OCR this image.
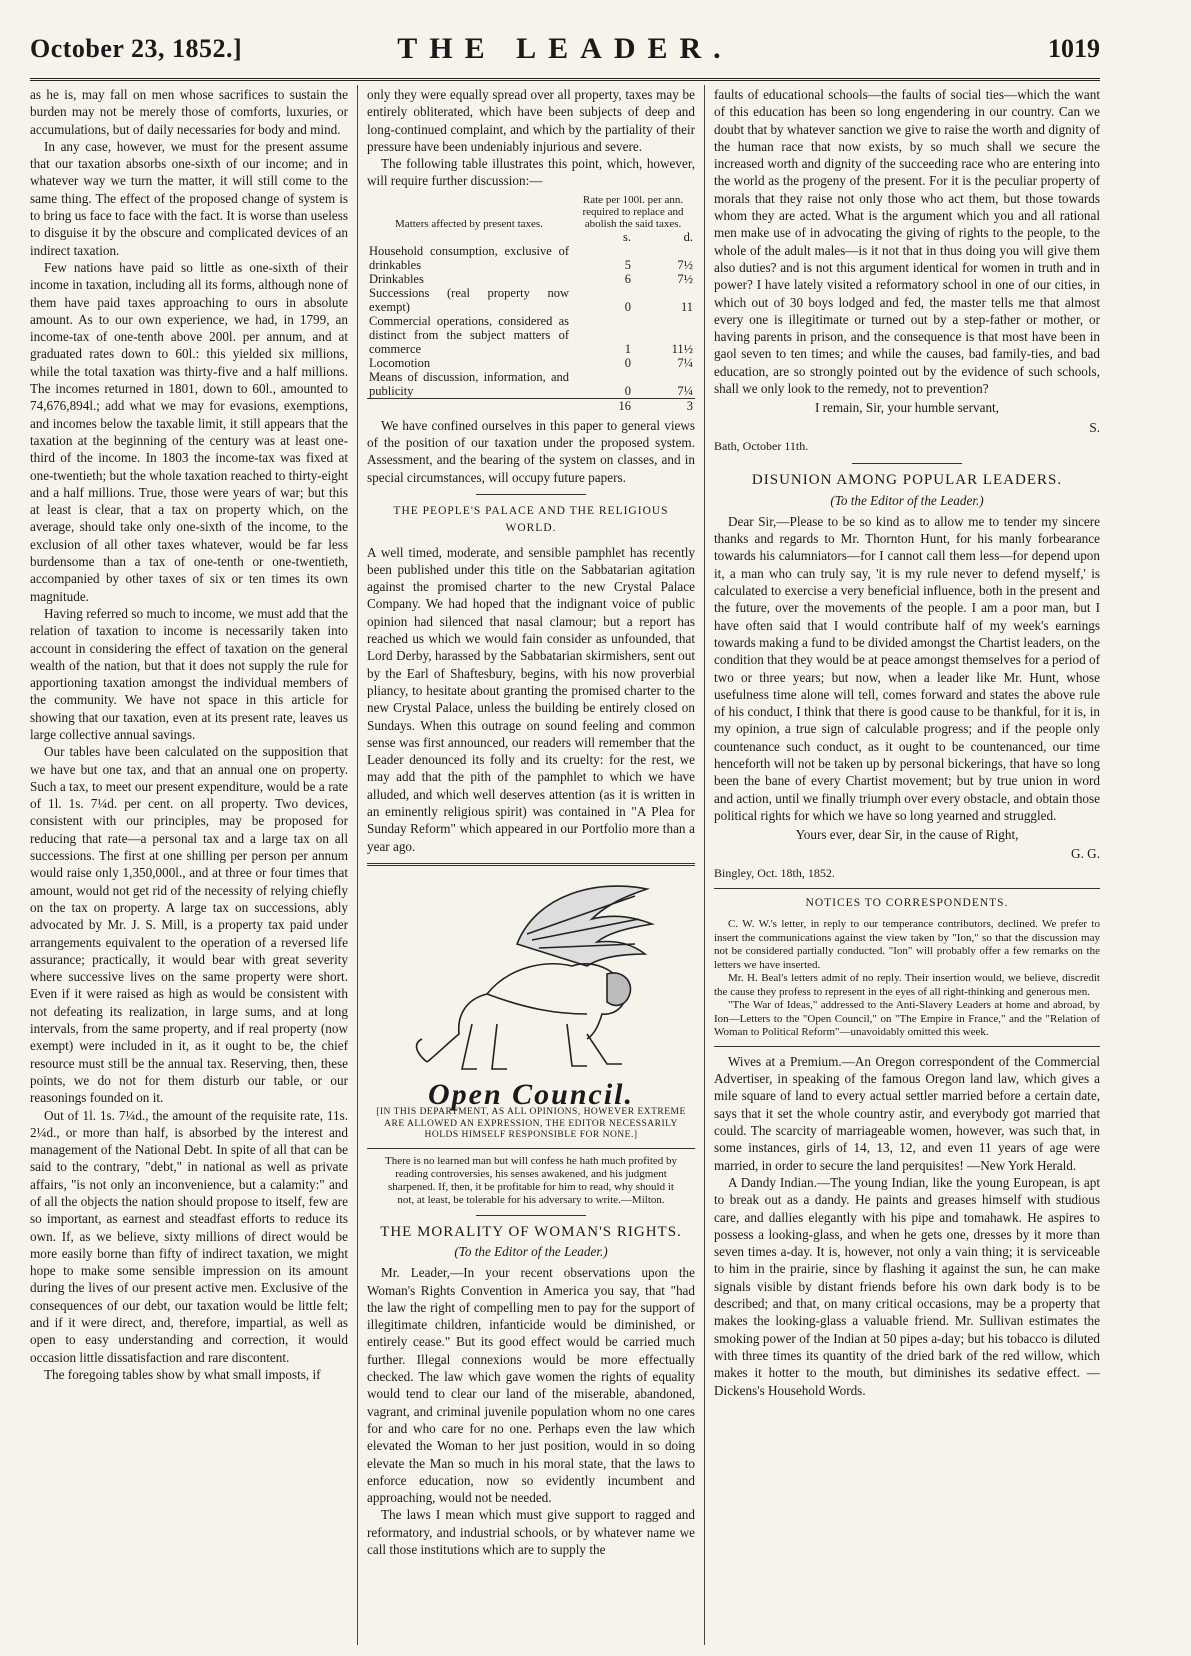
October 23, 1852.]	THE LEADER.	1019

as he is, may fall on men whose sacrifices to sustain the burden may not be merely those of comforts, luxuries, or accumulations, but of daily necessaries for body and mind.

In any case, however, we must for the present assume that our taxation absorbs one-sixth of our income; and in whatever way we turn the matter, it will still come to the same thing. The effect of the proposed change of system is to bring us face to face with the fact. It is worse than useless to disguise it by the obscure and complicated devices of an indirect taxation.

Few nations have paid so little as one-sixth of their income in taxation, including all its forms, although none of them have paid taxes approaching to ours in absolute amount. As to our own experience, we had, in 1799, an income-tax of one-tenth above 200l. per annum, and at graduated rates down to 60l.: this yielded six millions, while the total taxation was thirty-five and a half millions. The incomes returned in 1801, down to 60l., amounted to 74,676,894l.; add what we may for evasions, exemptions, and incomes below the taxable limit, it still appears that the taxation at the beginning of the century was at least one-third of the income. In 1803 the income-tax was fixed at one-twentieth; but the whole taxation reached to thirty-eight and a half millions. True, those were years of war; but this at least is clear, that a tax on property which, on the average, should take only one-sixth of the income, to the exclusion of all other taxes whatever, would be far less burdensome than a tax of one-tenth or one-twentieth, accompanied by other taxes of six or ten times its own magnitude.

Having referred so much to income, we must add that the relation of taxation to income is necessarily taken into account in considering the effect of taxation on the general wealth of the nation, but that it does not supply the rule for apportioning taxation amongst the individual members of the community. We have not space in this article for showing that our taxation, even at its present rate, leaves us large collective annual savings.

Our tables have been calculated on the supposition that we have but one tax, and that an annual one on property. Such a tax, to meet our present expenditure, would be a rate of 1l. 1s. 7¼d. per cent. on all property. Two devices, consistent with our principles, may be proposed for reducing that rate—a personal tax and a large tax on all successions. The first at one shilling per person per annum would raise only 1,350,000l., and at three or four times that amount, would not get rid of the necessity of relying chiefly on the tax on property. A large tax on successions, ably advocated by Mr. J. S. Mill, is a property tax paid under arrangements equivalent to the operation of a reversed life assurance; practically, it would bear with great severity where successive lives on the same property were short. Even if it were raised as high as would be consistent with not defeating its realization, in large sums, and at long intervals, from the same property, and if real property (now exempt) were included in it, as it ought to be, the chief resource must still be the annual tax. Reserving, then, these points, we do not for them disturb our table, or our reasonings founded on it.

Out of 1l. 1s. 7¼d., the amount of the requisite rate, 11s. 2¼d., or more than half, is absorbed by the interest and management of the National Debt. In spite of all that can be said to the contrary, "debt," in national as well as private affairs, "is not only an inconvenience, but a calamity:" and of all the objects the nation should propose to itself, few are so important, as earnest and steadfast efforts to reduce its own. If, as we believe, sixty millions of direct would be more easily borne than fifty of indirect taxation, we might hope to make some sensible impression on its amount during the lives of our present active men. Exclusive of the consequences of our debt, our taxation would be little felt; and if it were direct, and, therefore, impartial, as well as open to easy understanding and correction, it would occasion little dissatisfaction and rare discontent.

The foregoing tables show by what small imposts, if

only they were equally spread over all property, taxes may be entirely obliterated, which have been subjects of deep and long-continued complaint, and which by the partiality of their pressure have been undeniably injurious and severe.

The following table illustrates this point, which, however, will require further discussion:—

Matters affected by present taxes.	Rate per 100l. per ann. required to replace and abolish the said taxes.	
	s.	d.
Household consumption, exclusive of drinkables	5	7½
Drinkables	6	7½
Successions (real property now exempt)	0	11
Commercial operations, considered as distinct from the subject matters of commerce	1	11½
Locomotion	0	7¼
Means of discussion, information, and publicity	0	7¼
	16	3

We have confined ourselves in this paper to general views of the position of our taxation under the proposed system. Assessment, and the bearing of the system on classes, and in special circumstances, will occupy future papers.

THE PEOPLE'S PALACE AND THE RELIGIOUS WORLD.

A well timed, moderate, and sensible pamphlet has recently been published under this title on the Sabbatarian agitation against the promised charter to the new Crystal Palace Company. We had hoped that the indignant voice of public opinion had silenced that nasal clamour; but a report has reached us which we would fain consider as unfounded, that Lord Derby, harassed by the Sabbatarian skirmishers, sent out by the Earl of Shaftesbury, begins, with his now proverbial pliancy, to hesitate about granting the promised charter to the new Crystal Palace, unless the building be entirely closed on Sundays. When this outrage on sound feeling and common sense was first announced, our readers will remember that the Leader denounced its folly and its cruelty: for the rest, we may add that the pith of the pamphlet to which we have alluded, and which well deserves attention (as it is written in an eminently religious spirit) was contained in "A Plea for Sunday Reform" which appeared in our Portfolio more than a year ago.

Open Council.
[IN THIS DEPARTMENT, AS ALL OPINIONS, HOWEVER EXTREME ARE ALLOWED AN EXPRESSION, THE EDITOR NECESSARILY HOLDS HIMSELF RESPONSIBLE FOR NONE.]
There is no learned man but will confess he hath much profited by reading controversies, his senses awakened, and his judgment sharpened. If, then, it be profitable for him to read, why should it not, at least, be tolerable for his adversary to write.—Milton.
THE MORALITY OF WOMAN'S RIGHTS.
(To the Editor of the Leader.)

Mr. Leader,—In your recent observations upon the Woman's Rights Convention in America you say, that "had the law the right of compelling men to pay for the support of illegitimate children, infanticide would be diminished, or entirely cease." But its good effect would be carried much further. Illegal connexions would be more effectually checked. The law which gave women the rights of equality would tend to clear our land of the miserable, abandoned, vagrant, and criminal juvenile population whom no one cares for and who care for no one. Perhaps even the law which elevated the Woman to her just position, would in so doing elevate the Man so much in his moral state, that the laws to enforce education, now so evidently incumbent and approaching, would not be needed.

The laws I mean which must give support to ragged and reformatory, and industrial schools, or by whatever name we call those institutions which are to supply the

faults of educational schools—the faults of social ties—which the want of this education has been so long engendering in our country. Can we doubt that by whatever sanction we give to raise the worth and dignity of the human race that now exists, by so much shall we secure the increased worth and dignity of the succeeding race who are entering into the world as the progeny of the present. For it is the peculiar property of morals that they raise not only those who act them, but those towards whom they are acted. What is the argument which you and all rational men make use of in advocating the giving of rights to the people, to the whole of the adult males—is it not that in thus doing you will give them also duties? and is not this argument identical for women in truth and in power? I have lately visited a reformatory school in one of our cities, in which out of 30 boys lodged and fed, the master tells me that almost every one is illegitimate or turned out by a step-father or mother, or having parents in prison, and the consequence is that most have been in gaol seven to ten times; and while the causes, bad family-ties, and bad education, are so strongly pointed out by the evidence of such schools, shall we only look to the remedy, not to prevention?

I remain, Sir, your humble servant,
S.
Bath, October 11th.
DISUNION AMONG POPULAR LEADERS.
(To the Editor of the Leader.)

Dear Sir,—Please to be so kind as to allow me to tender my sincere thanks and regards to Mr. Thornton Hunt, for his manly forbearance towards his calumniators—for I cannot call them less—for depend upon it, a man who can truly say, 'it is my rule never to defend myself,' is calculated to exercise a very beneficial influence, both in the present and the future, over the movements of the people. I am a poor man, but I have often said that I would contribute half of my week's earnings towards making a fund to be divided amongst the Chartist leaders, on the condition that they would be at peace amongst themselves for a period of two or three years; but now, when a leader like Mr. Hunt, whose usefulness time alone will tell, comes forward and states the above rule of his conduct, I think that there is good cause to be thankful, for it is, in my opinion, a true sign of calculable progress; and if the people only countenance such conduct, as it ought to be countenanced, our time henceforth will not be taken up by personal bickerings, that have so long been the bane of every Chartist movement; but by true union in word and action, until we finally triumph over every obstacle, and obtain those political rights for which we have so long yearned and struggled.

Yours ever, dear Sir, in the cause of Right,
G. G.
Bingley, Oct. 18th, 1852.
NOTICES TO CORRESPONDENTS.

C. W. W.'s letter, in reply to our temperance contributors, declined. We prefer to insert the communications against the view taken by "Ion," so that the discussion may not be considered partially conducted. "Ion" will probably offer a few remarks on the letters we have inserted.

Mr. H. Beal's letters admit of no reply. Their insertion would, we believe, discredit the cause they profess to represent in the eyes of all right-thinking and generous men.

"The War of Ideas," addressed to the Anti-Slavery Leaders at home and abroad, by Ion—Letters to the "Open Council," on "The Empire in France," and the "Relation of Woman to Political Reform"—unavoidably omitted this week.

Wives at a Premium.—An Oregon correspondent of the Commercial Advertiser, in speaking of the famous Oregon land law, which gives a mile square of land to every actual settler married before a certain date, says that it set the whole country astir, and everybody got married that could. The scarcity of marriageable women, however, was such that, in some instances, girls of 14, 13, 12, and even 11 years of age were married, in order to secure the land perquisites! —New York Herald.

A Dandy Indian.—The young Indian, like the young European, is apt to break out as a dandy. He paints and greases himself with studious care, and dallies elegantly with his pipe and tomahawk. He aspires to possess a looking-glass, and when he gets one, dresses by it more than seven times a-day. It is, however, not only a vain thing; it is serviceable to him in the prairie, since by flashing it against the sun, he can make signals visible by distant friends before his own dark body is to be described; and that, on many critical occasions, may be a property that makes the looking-glass a valuable friend. Mr. Sullivan estimates the smoking power of the Indian at 50 pipes a-day; but his tobacco is diluted with three times its quantity of the dried bark of the red willow, which makes it hotter to the mouth, but diminishes its sedative effect. —Dickens's Household Words.
